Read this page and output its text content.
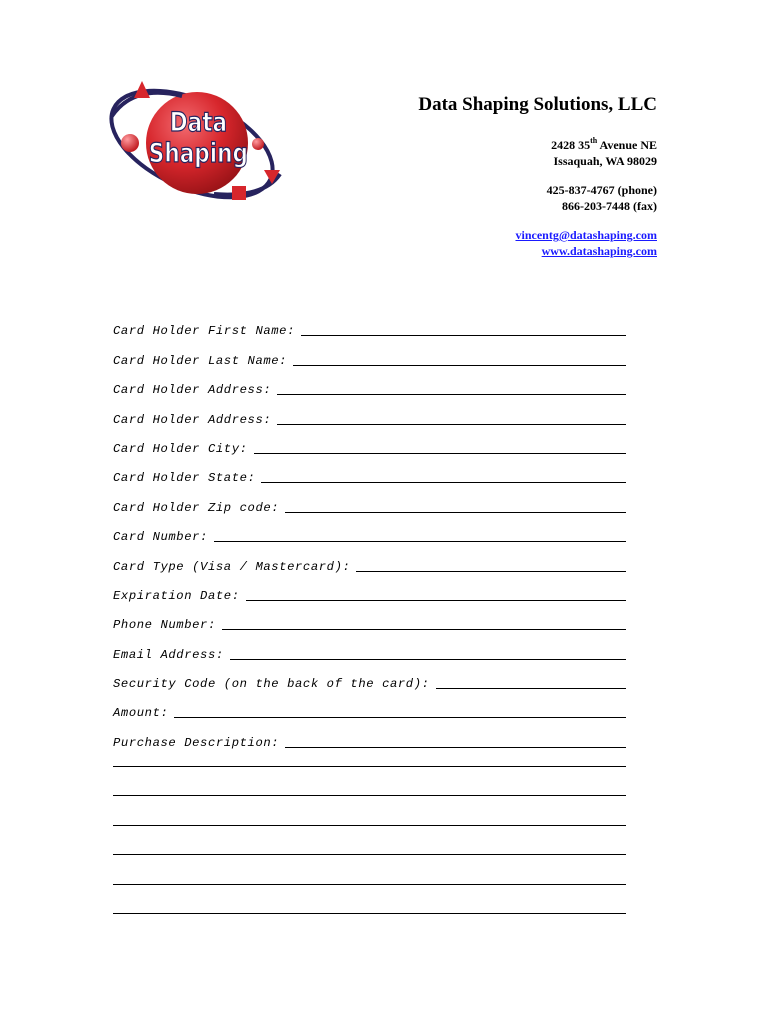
Data
Shaping
Data Shaping Solutions, LLC
2428 35th Avenue NE
Issaquah, WA 98029
425-837-4767 (phone)
866-203-7448 (fax)
vincentg@datashaping.com
www.datashaping.com
Card Holder First Name:
Card Holder Last Name:
Card Holder Address:
Card Holder Address:
Card Holder City:
Card Holder State:
Card Holder Zip code:
Card Number:
Card Type (Visa / Mastercard):
Expiration Date:
Phone Number:
Email Address:
Security Code (on the back of the card):
Amount:
Purchase Description:
